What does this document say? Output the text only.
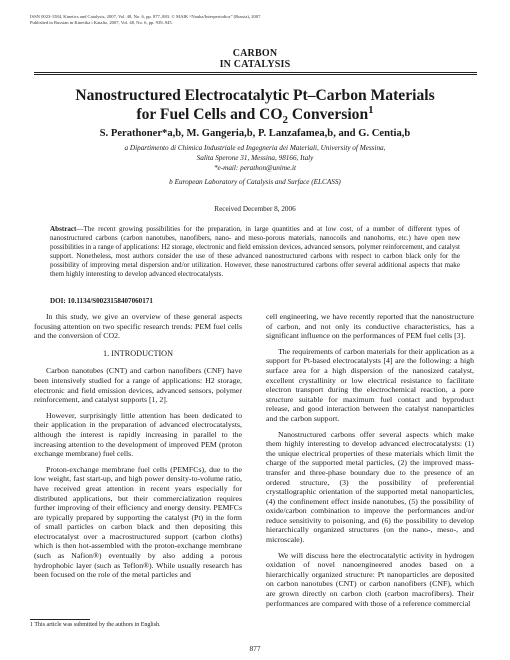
ISSN 0023-1584, Kinetics and Catalysis, 2007, Vol. 48, No. 6, pp. 877–883. © MAIK “Nauka/Interperiodica” (Russia), 2007.
Published in Russian in Kinetika i Kataliz, 2007, Vol. 48, No. 6, pp. 939–945.
CARBON
IN CATALYSIS
Nanostructured Electrocatalytic Pt–Carbon Materials
for Fuel Cells and $CO_2$ Conversion$^1$
S. Perathoner*a,b, M. Gangeria,b, P. Lanzafamea,b, and G. Centia,b
a Dipartimento di Chimica Industriale ed Ingegneria dei Materiali, University of Messina,
Salita Sperone 31, Messina, 98166, Italy
*e-mail: perathon@unime.it
b European Laboratory of Catalysis and Surface (ELCASS)
Received December 8, 2006
Abstract—The recent growing possibilities for the preparation, in large quantities and at low cost, of a number of different types of nanostructured carbons (carbon nanotubes, nanofibers, nano- and meso-porous materials, nanocoils and nanohorns, etc.) have open new possibilities in a range of applications: H2 storage, electronic and field emission devices, advanced sensors, polymer reinforcement, and catalyst support. Nonetheless, most authors consider the use of these advanced nanostructured carbons with respect to carbon black only for the possibility of improving metal dispersion and/or utilization. However, these nanostructured carbons offer several additional aspects that make them highly interesting to develop advanced electrocatalysts.
DOI: 10.1134/S0023158407060171

In this study, we give an overview of these general aspects focusing attention on two specific research trends: PEM fuel cells and the conversion of CO2.

1. INTRODUCTION

Carbon nanotubes (CNT) and carbon nanofibers (CNF) have been intensively studied for a range of applications: H2 storage, electronic and field emission devices, advanced sensors, polymer reinforcement, and catalyst supports [1, 2].

However, surprisingly little attention has been dedicated to their application in the preparation of advanced electrocatalysts, although the interest is rapidly increasing in parallel to the increasing attention to the development of improved PEM (proton exchange membrane) fuel cells.

Proton-exchange membrane fuel cells (PEMFCs), due to the low weight, fast start-up, and high power density-to-volume ratio, have received great attention in recent years especially for distributed applications, but their commercialization requires further improving of their efficiency and energy density. PEMFCs are typically prepared by supporting the catalyst (Pt) in the form of small particles on carbon black and then depositing this electrocatalyst over a macrostructured support (carbon cloths) which is then hot-assembled with the proton-exchange membrane (such as Nafion®) eventually by also adding a porous hydrophobic layer (such as Teflon®). While usually research has been focused on the role of the metal particles and

cell engineering, we have recently reported that the nanostructure of carbon, and not only its conductive characteristics, has a significant influence on the performances of PEM fuel cells [3].

The requirements of carbon materials for their application as a support for Pt-based electrocatalysts [4] are the following: a high surface area for a high dispersion of the nanosized catalyst, excellent crystallinity or low electrical resistance to facilitate electron transport during the electrochemical reaction, a pore structure suitable for maximum fuel contact and byproduct release, and good interaction between the catalyst nanoparticles and the carbon support.

Nanostructured carbons offer several aspects which make them highly interesting to develop advanced electrocatalysts: (1) the unique electrical properties of these materials which limit the charge of the supported metal particles, (2) the improved mass-transfer and three-phase boundary due to the presence of an ordered structure, (3) the possibility of preferential crystallographic orientation of the supported metal nanoparticles, (4) the confinement effect inside nanotubes, (5) the possibility of oxide/carbon combination to improve the performances and/or reduce sensitivity to poisoning, and (6) the possibility to develop hierarchically organized structures (on the nano-, meso-, and microscale).

We will discuss here the electrocatalytic activity in hydrogen oxidation of novel nanoengineered anodes based on a hierarchically organized structure: Pt nanoparticles are deposited on carbon nanotubes (CNT) or carbon nanofibers (CNF), which are grown directly on carbon cloth (carbon macrofibers). Their performances are compared with those of a reference commercial

1 This article was submitted by the authors in English.
877
